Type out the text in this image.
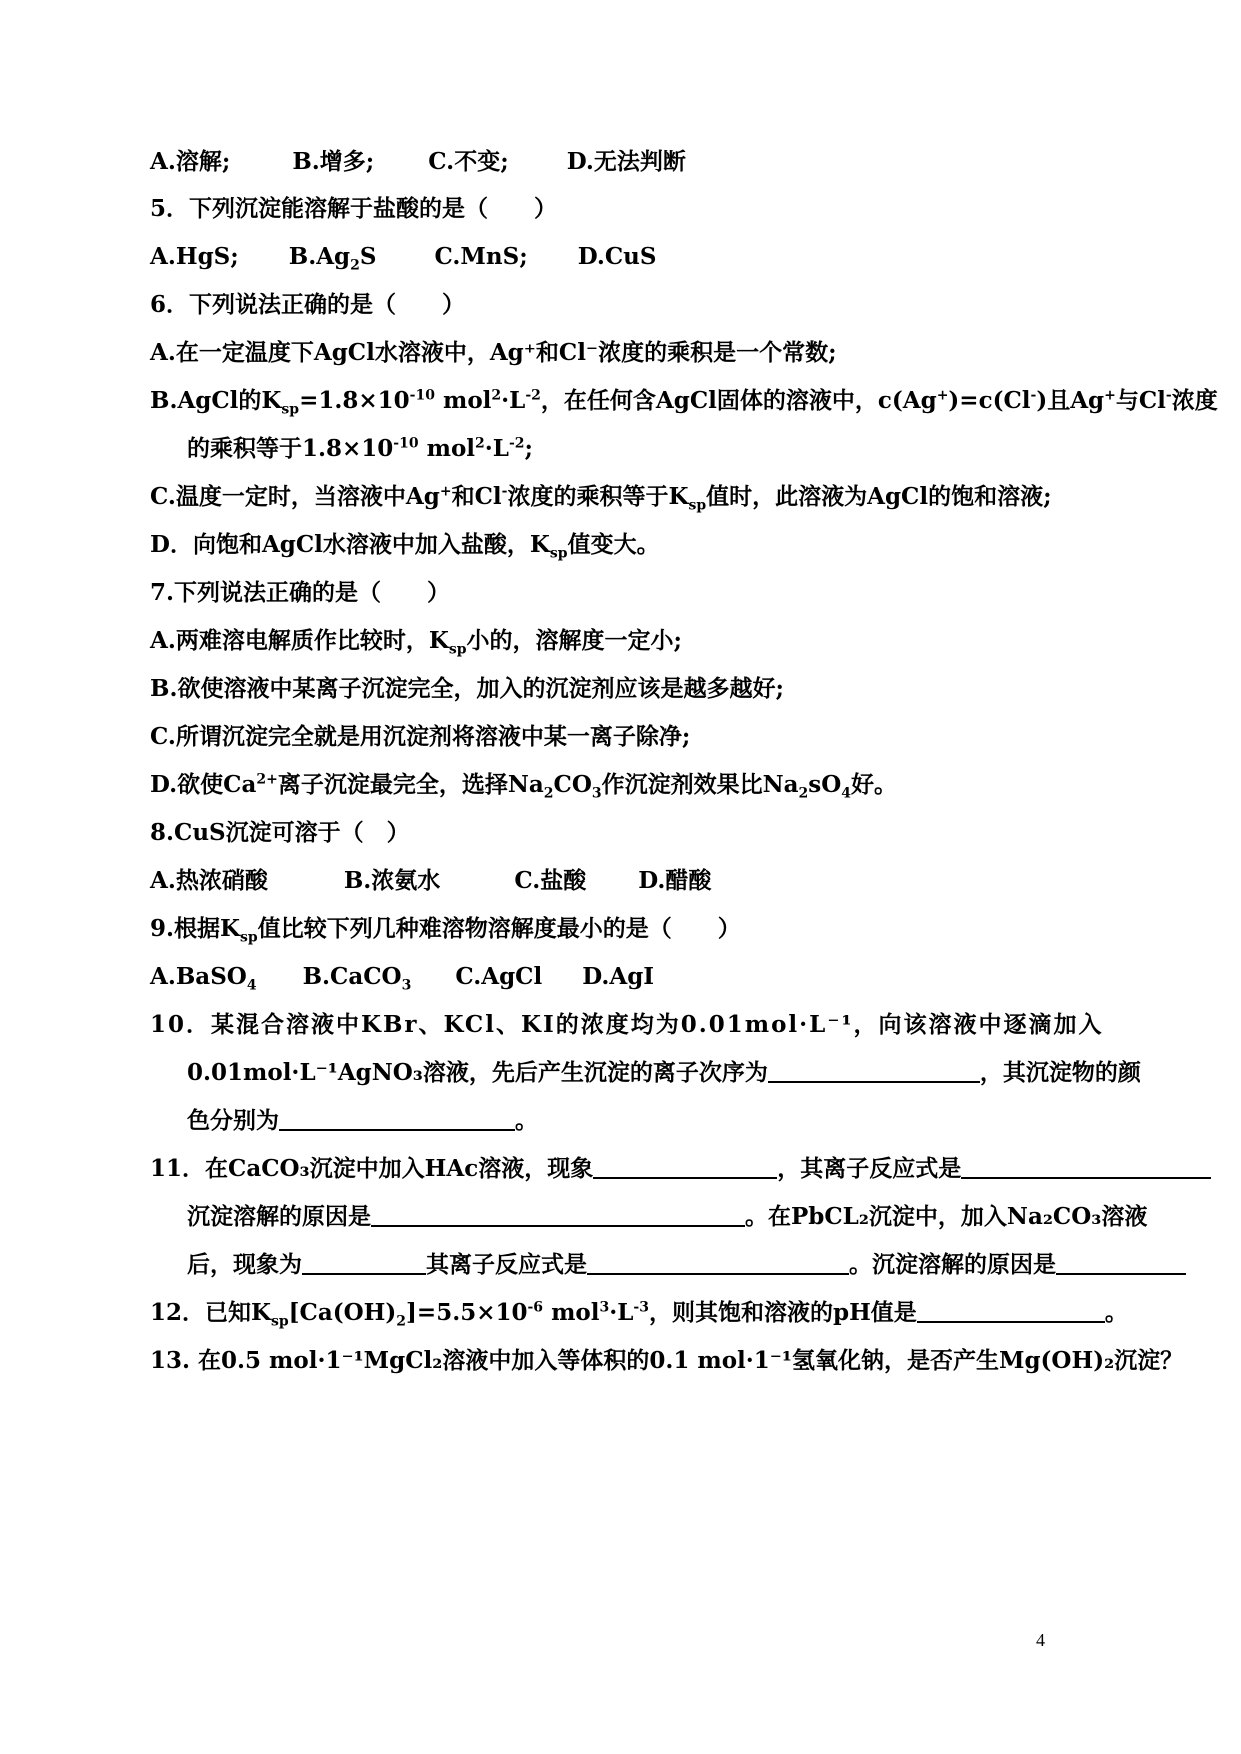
A.溶解;	B.增多; C.不变;	D.无法判断
5．下列沉淀能溶解于盐酸的是（　　）
A.HgS; $B.Ag_2S$	C.MnS; D.CuS
6．下列说法正确的是（　　）
A.在一定温度下AgCl水溶液中，Ag⁺和Cl⁻浓度的乘积是一个常数;
B.AgCl的$K_{sp}=1.8\times 10^{-10}$ $mol^2\cdot L^{-2}$，在任何含AgCl固体的溶液中，c(Ag+)=c(Cl-)且Ag+与Cl-浓度
的乘积等于$1.8\times 10^{-10}$ $mol^2\cdot L^{-2}$;
C.温度一定时，当溶液中Ag+和Cl-浓度的乘积等于$K_{sp}$值时，此溶液为AgCl的饱和溶液;
D．向饱和AgCl水溶液中加入盐酸，$K_{sp}$值变大。
7.下列说法正确的是（　　）
A.两难溶电解质作比较时，$K_{sp}$小的，溶解度一定小;
B.欲使溶液中某离子沉淀完全，加入的沉淀剂应该是越多越好;
C.所谓沉淀完全就是用沉淀剂将溶液中某一离子除净;
D.欲使$Ca^{2+}$离子沉淀最完全，选择$Na_2CO_3$作沉淀剂效果比$Na_2sO_4$好。
8.CuS沉淀可溶于（　）
A.热浓硝酸	B.浓氨水	C.盐酸 D.醋酸
9.根据$K_{sp}$值比较下列几种难溶物溶解度最小的是（　　）
A.BaSO$_4$ B.CaCO$_3$ C.AgCl D.AgI
10．某混合溶液中KBr、KCl、KI的浓度均为0.01mol·L⁻¹，向该溶液中逐滴加入
0.01mol·L⁻¹AgNO₃溶液，先后产生沉淀的离子次序为	，其沉淀物的颜
色分别为	。
11．在CaCO₃沉淀中加入HAc溶液，现象	，其离子反应式是
沉淀溶解的原因是	。在PbCL₂沉淀中，加入Na₂CO₃溶液
后，现象为	其离子反应式是	。沉淀溶解的原因是
12．已知$K_{sp}[Ca(OH)_2]=5.5\times 10^{-6}$ $mol^3\cdot L^{-3}$，则其饱和溶液的pH值是	。
13. 在0.5 mol·1⁻¹MgCl₂溶液中加入等体积的0.1 mol·1⁻¹氢氧化钠，是否产生Mg(OH)₂沉淀？
4
